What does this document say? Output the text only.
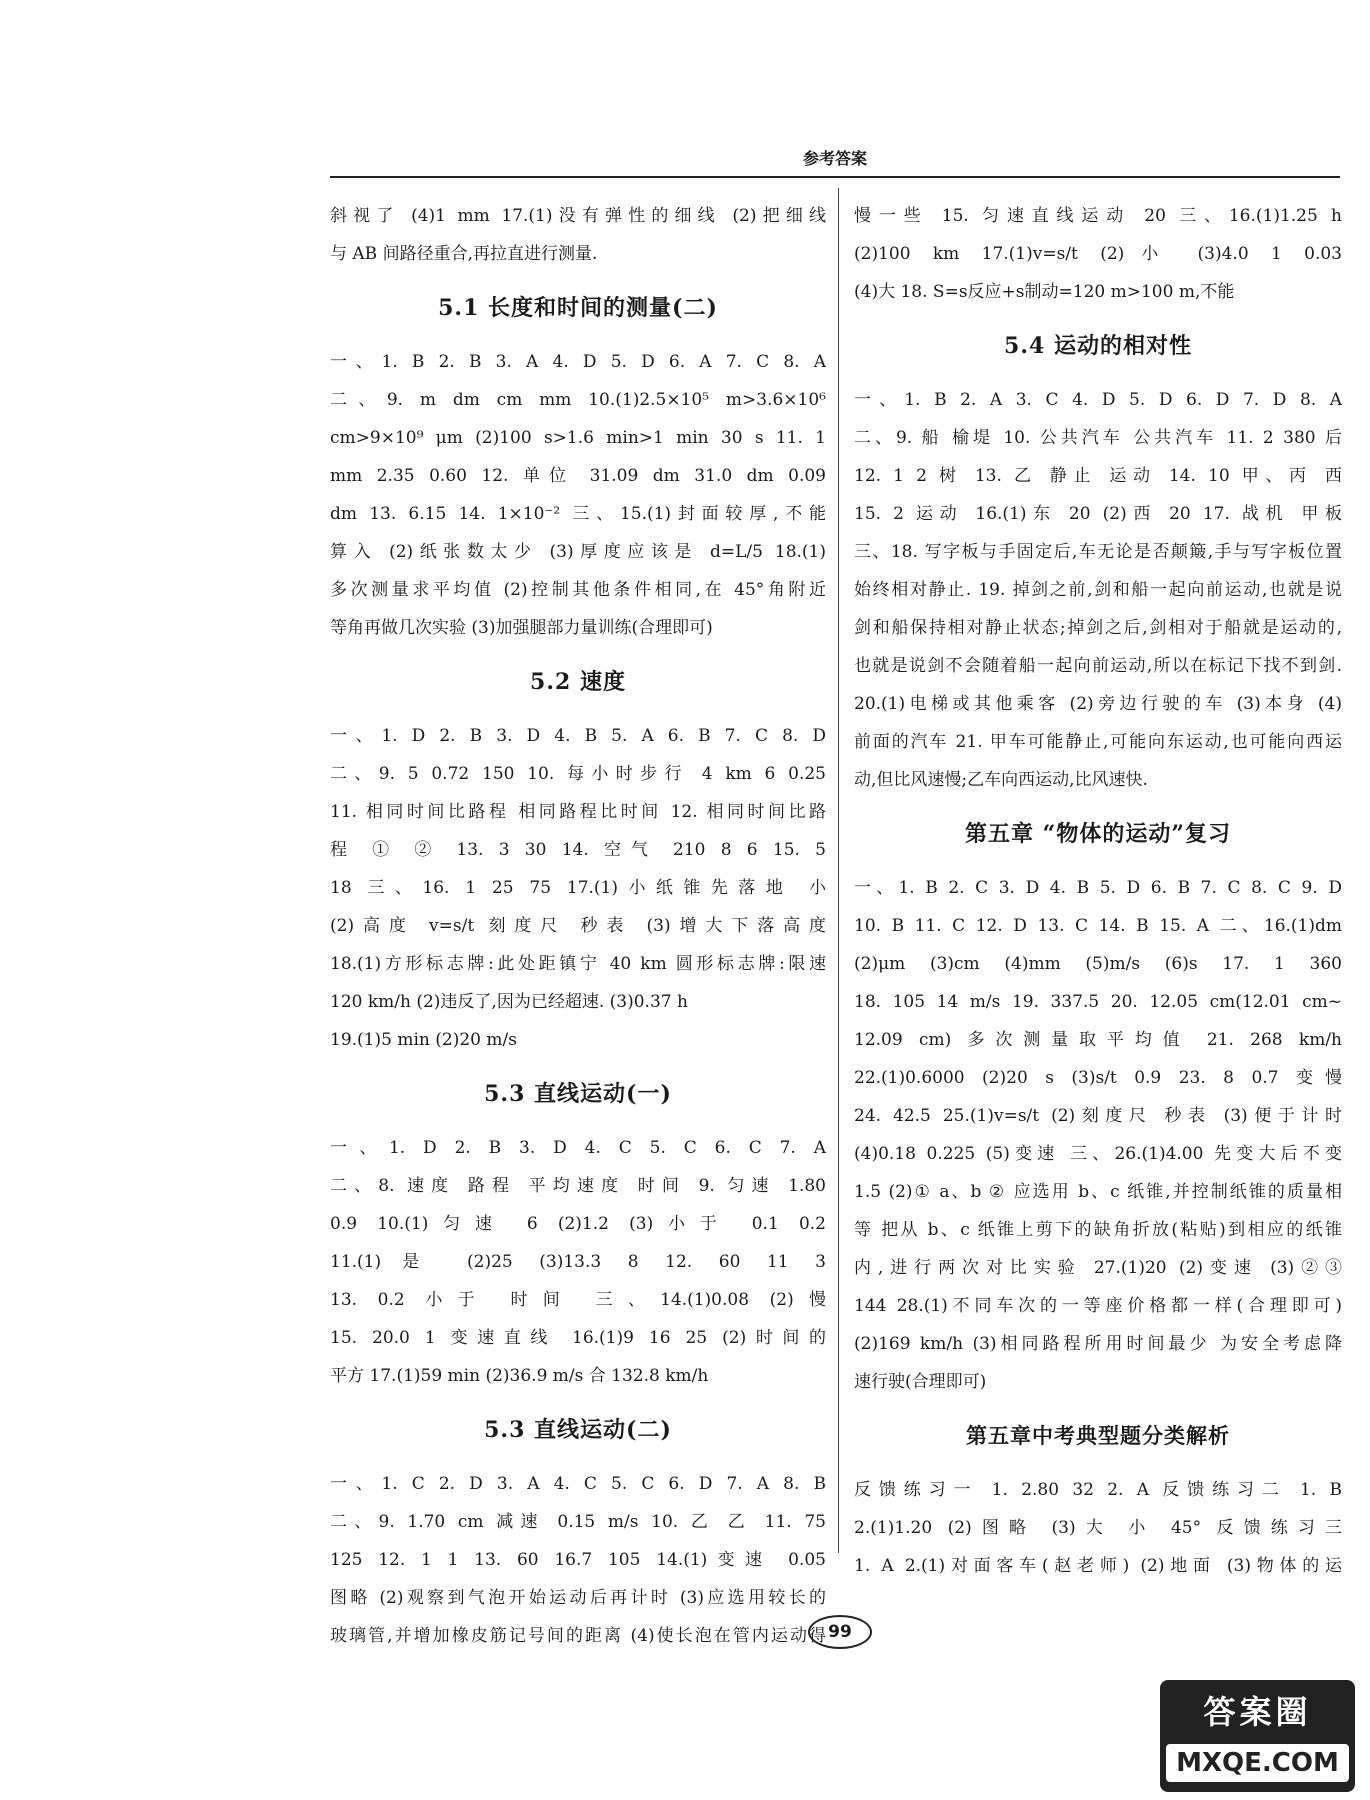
参考答案

斜视了 (4)1 mm 17.(1)没有弹性的细线 (2)把细线

与 AB 间路径重合,再拉直进行测量.

5.1 长度和时间的测量(二)

一、1. B 2. B 3. A 4. D 5. D 6. A 7. C 8. A

二、9. m dm cm mm 10.(1)2.5×10⁵ m>3.6×10⁶

cm>9×10⁹ μm (2)100 s>1.6 min>1 min 30 s 11. 1

mm 2.35 0.60 12. 单位 31.09 dm 31.0 dm 0.09

dm 13. 6.15 14. 1×10⁻² 三、15.(1)封面较厚,不能

算入 (2)纸张数太少 (3)厚度应该是 d=L/5 18.(1)

多次测量求平均值 (2)控制其他条件相同,在 45°角附近

等角再做几次实验 (3)加强腿部力量训练(合理即可)

5.2 速度

一、1. D 2. B 3. D 4. B 5. A 6. B 7. C 8. D

二、9. 5 0.72 150 10. 每小时步行 4 km 6 0.25

11. 相同时间比路程 相同路程比时间 12. 相同时间比路

程 ① ② 13. 3 30 14. 空气 210 8 6 15. 5

18 三、16. 1 25 75 17.(1)小纸锥先落地 小

(2)高度 v=s/t 刻度尺 秒表 (3)增大下落高度

18.(1)方形标志牌:此处距镇宁 40 km 圆形标志牌:限速

120 km/h (2)违反了,因为已经超速. (3)0.37 h

19.(1)5 min (2)20 m/s

5.3 直线运动(一)

一、1. D 2. B 3. D 4. C 5. C 6. C 7. A

二、8. 速度 路程 平均速度 时间 9. 匀速 1.80

0.9 10.(1)匀速 6 (2)1.2 (3)小于 0.1 0.2

11.(1)是 (2)25 (3)13.3 8 12. 60 11 3

13. 0.2 小于 时间 三、14.(1)0.08 (2)慢

15. 20.0 1 变速直线 16.(1)9 16 25 (2)时间的

平方 17.(1)59 min (2)36.9 m/s 合 132.8 km/h

5.3 直线运动(二)

一、1. C 2. D 3. A 4. C 5. C 6. D 7. A 8. B

二、9. 1.70 cm 减速 0.15 m/s 10. 乙 乙 11. 75

125 12. 1 1 13. 60 16.7 105 14.(1)变速 0.05

图略 (2)观察到气泡开始运动后再计时 (3)应选用较长的

玻璃管,并增加橡皮筋记号间的距离 (4)使长泡在管内运动得

慢一些 15. 匀速直线运动 20 三、16.(1)1.25 h

(2)100 km 17.(1)v=s/t (2)小 (3)4.0 1 0.03

(4)大 18. S=s反应+s制动=120 m>100 m,不能

5.4 运动的相对性

一、1. B 2. A 3. C 4. D 5. D 6. D 7. D 8. A

二、9. 船 榆堤 10. 公共汽车 公共汽车 11. 2 380 后

12. 1 2 树 13. 乙 静止 运动 14. 10 甲、丙 西

15. 2 运动 16.(1)东 20 (2)西 20 17. 战机 甲板

三、18. 写字板与手固定后,车无论是否颠簸,手与写字板位置

始终相对静止. 19. 掉剑之前,剑和船一起向前运动,也就是说

剑和船保持相对静止状态;掉剑之后,剑相对于船就是运动的,

也就是说剑不会随着船一起向前运动,所以在标记下找不到剑.

20.(1)电梯或其他乘客 (2)旁边行驶的车 (3)本身 (4)

前面的汽车 21. 甲车可能静止,可能向东运动,也可能向西运

动,但比风速慢;乙车向西运动,比风速快.

第五章 “物体的运动”复习

一、1. B 2. C 3. D 4. B 5. D 6. B 7. C 8. C 9. D

10. B 11. C 12. D 13. C 14. B 15. A 二、16.(1)dm

(2)μm (3)cm (4)mm (5)m/s (6)s 17. 1 360

18. 105 14 m/s 19. 337.5 20. 12.05 cm(12.01 cm~

12.09 cm) 多次测量取平均值 21. 268 km/h

22.(1)0.6000 (2)20 s (3)s/t 0.9 23. 8 0.7 变慢

24. 42.5 25.(1)v=s/t (2)刻度尺 秒表 (3)便于计时

(4)0.18 0.225 (5)变速 三、26.(1)4.00 先变大后不变

1.5 (2)① a、b ② 应选用 b、c 纸锥,并控制纸锥的质量相

等 把从 b、c 纸锥上剪下的缺角折放(粘贴)到相应的纸锥

内,进行两次对比实验 27.(1)20 (2)变速 (3)②③

144 28.(1)不同车次的一等座价格都一样(合理即可)

(2)169 km/h (3)相同路程所用时间最少 为安全考虑降

速行驶(合理即可)

第五章中考典型题分类解析

反馈练习一 1. 2.80 32 2. A 反馈练习二 1. B

2.(1)1.20 (2)图略 (3)大 小 45° 反馈练习三

1. A 2.(1)对面客车(赵老师) (2)地面 (3)物体的运

99
答案圈
MXQE.COM
